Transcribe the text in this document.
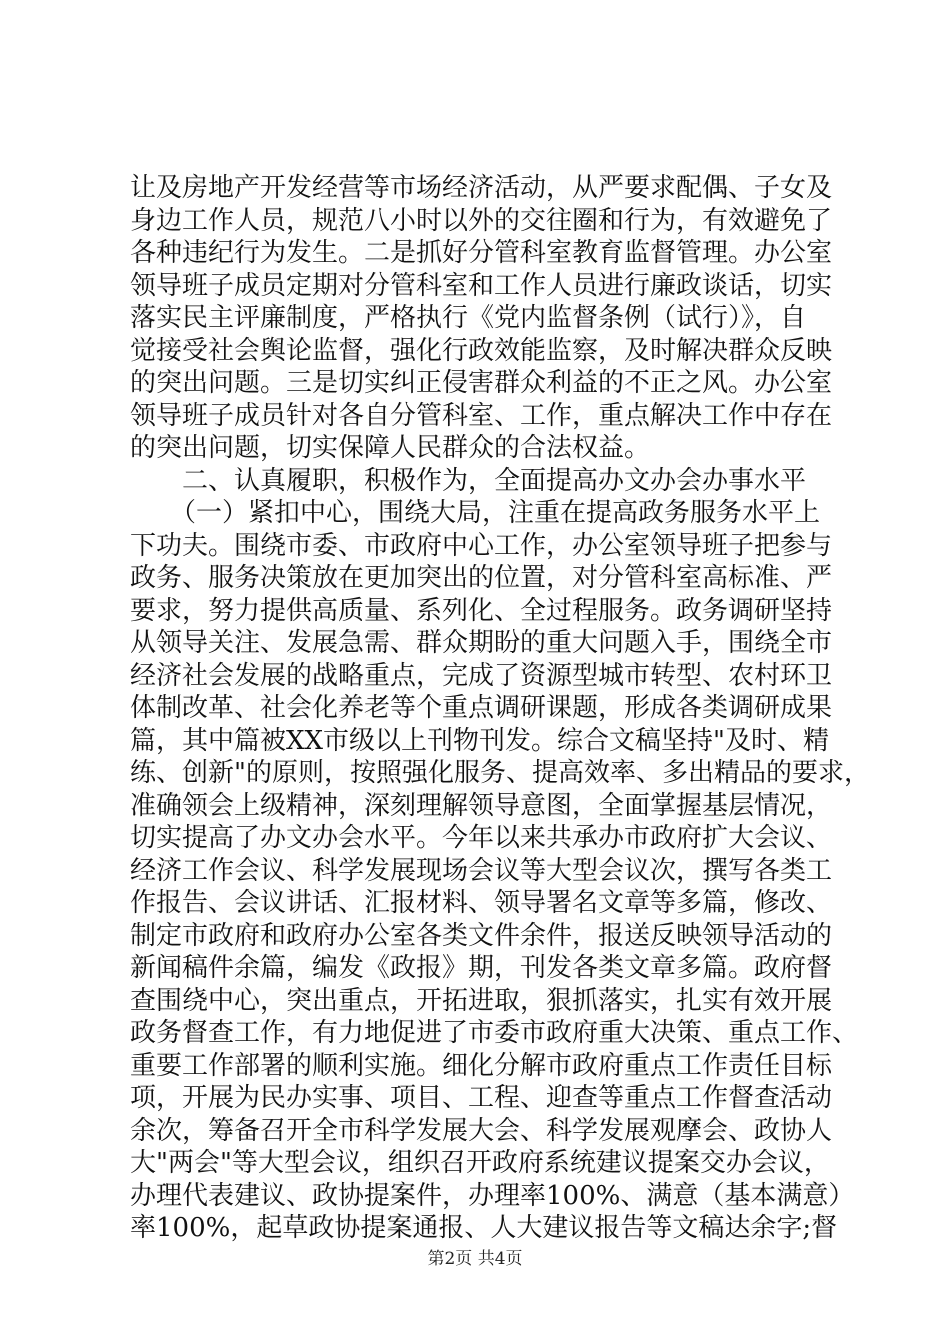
让及房地产开发经营等市场经济活动，从严要求配偶、子女及
身边工作人员，规范八小时以外的交往圈和行为，有效避免了
各种违纪行为发生。二是抓好分管科室教育监督管理。办公室
领导班子成员定期对分管科室和工作人员进行廉政谈话，切实
落实民主评廉制度，严格执行《党内监督条例（试行）》，自
觉接受社会舆论监督，强化行政效能监察，及时解决群众反映
的突出问题。三是切实纠正侵害群众利益的不正之风。办公室
领导班子成员针对各自分管科室、工作，重点解决工作中存在
的突出问题，切实保障人民群众的合法权益。
二、认真履职，积极作为，全面提高办文办会办事水平
（一）紧扣中心，围绕大局，注重在提高政务服务水平上
下功夫。围绕市委、市政府中心工作，办公室领导班子把参与
政务、服务决策放在更加突出的位置，对分管科室高标准、严
要求，努力提供高质量、系列化、全过程服务。政务调研坚持
从领导关注、发展急需、群众期盼的重大问题入手，围绕全市
经济社会发展的战略重点，完成了资源型城市转型、农村环卫
体制改革、社会化养老等个重点调研课题，形成各类调研成果
篇，其中篇被XX市级以上刊物刊发。综合文稿坚持"及时、精
练、创新"的原则，按照强化服务、提高效率、多出精品的要求，
准确领会上级精神，深刻理解领导意图，全面掌握基层情况，
切实提高了办文办会水平。今年以来共承办市政府扩大会议、
经济工作会议、科学发展现场会议等大型会议次，撰写各类工
作报告、会议讲话、汇报材料、领导署名文章等多篇，修改、
制定市政府和政府办公室各类文件余件，报送反映领导活动的
新闻稿件余篇，编发《政报》期，刊发各类文章多篇。政府督
查围绕中心，突出重点，开拓进取，狠抓落实，扎实有效开展
政务督查工作，有力地促进了市委市政府重大决策、重点工作、
重要工作部署的顺利实施。细化分解市政府重点工作责任目标
项，开展为民办实事、项目、工程、迎查等重点工作督查活动
余次，筹备召开全市科学发展大会、科学发展观摩会、政协人
大"两会"等大型会议，组织召开政府系统建议提案交办会议，
办理代表建议、政协提案件，办理率100%、满意（基本满意）
率100%，起草政协提案通报、人大建议报告等文稿达余字;督
第2页 共4页
